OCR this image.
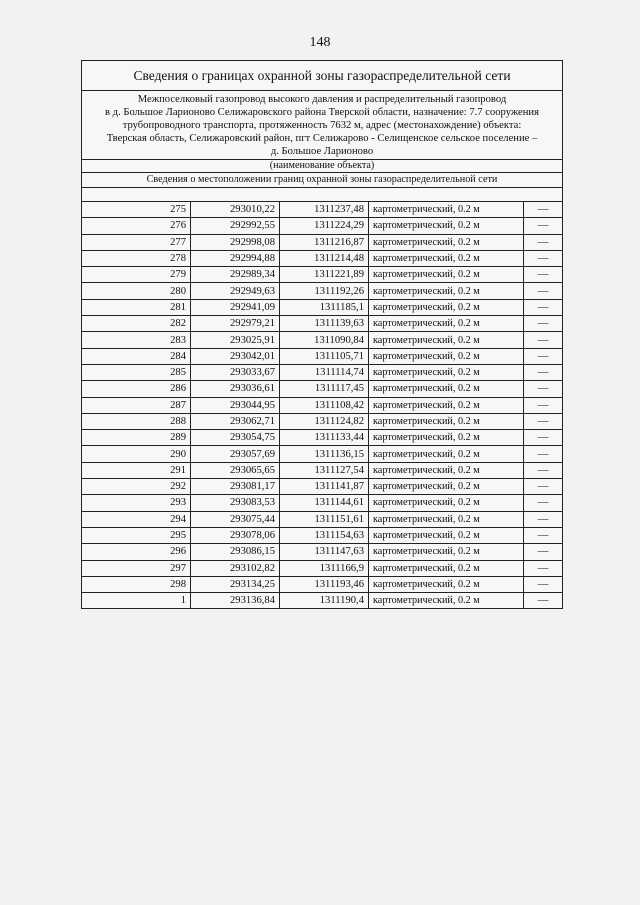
148
Сведения о границах охранной зоны газораспределительной сети
Межпоселковый газопровод высокого давления и распределительный газопровод
в д. Большое Ларионово Селижаровского района Тверской области, назначение: 7.7 сооружения
трубопроводного транспорта, протяженность 7632 м, адрес (местонахождение) объекта:
Тверская область, Селижаровский район, пгт Селижарово - Селищенское сельское поселение –
д. Большое Ларионово
(наименование объекта)
Сведения о местоположении границ охранной зоны газораспределительной сети
275	293010,22	1311237,48	картометрический, 0.2 м	—
276	292992,55	1311224,29	картометрический, 0.2 м	—
277	292998,08	1311216,87	картометрический, 0.2 м	—
278	292994,88	1311214,48	картометрический, 0.2 м	—
279	292989,34	1311221,89	картометрический, 0.2 м	—
280	292949,63	1311192,26	картометрический, 0.2 м	—
281	292941,09	1311185,1	картометрический, 0.2 м	—
282	292979,21	1311139,63	картометрический, 0.2 м	—
283	293025,91	1311090,84	картометрический, 0.2 м	—
284	293042,01	1311105,71	картометрический, 0.2 м	—
285	293033,67	1311114,74	картометрический, 0.2 м	—
286	293036,61	1311117,45	картометрический, 0.2 м	—
287	293044,95	1311108,42	картометрический, 0.2 м	—
288	293062,71	1311124,82	картометрический, 0.2 м	—
289	293054,75	1311133,44	картометрический, 0.2 м	—
290	293057,69	1311136,15	картометрический, 0.2 м	—
291	293065,65	1311127,54	картометрический, 0.2 м	—
292	293081,17	1311141,87	картометрический, 0.2 м	—
293	293083,53	1311144,61	картометрический, 0.2 м	—
294	293075,44	1311151,61	картометрический, 0.2 м	—
295	293078,06	1311154,63	картометрический, 0.2 м	—
296	293086,15	1311147,63	картометрический, 0.2 м	—
297	293102,82	1311166,9	картометрический, 0.2 м	—
298	293134,25	1311193,46	картометрический, 0.2 м	—
1	293136,84	1311190,4	картометрический, 0.2 м	—
